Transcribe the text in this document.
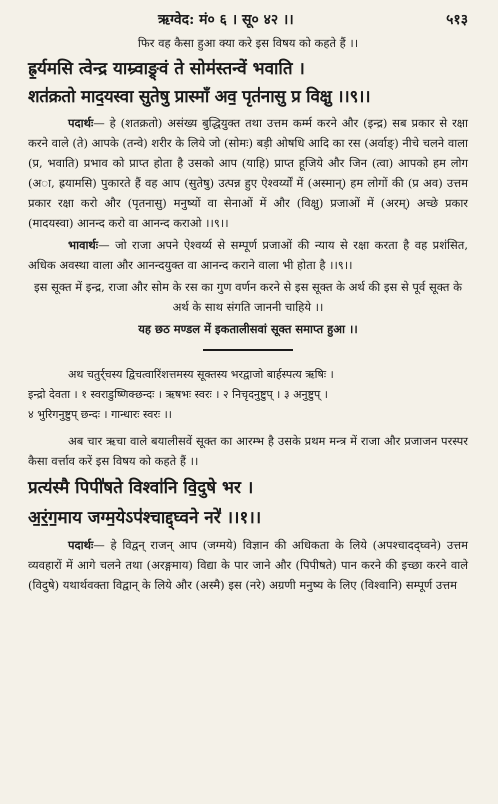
ऋग्वेद: मं० ६ । सू० ४२ ।।	५१३
फिर वह कैसा हुआ क्या करे इस विषय को कहते हैं ।।
ह्र॒र्यमसि त्वेन्द्र याम्र्वाङ्र्वं ते सोम॑स्तन्वें भवाति ।
शत॑क्रतो माद॒यस्वा सुतेषु प्रास्माँ अव॒ पृत॑नासु प्र विक्षु ।।९।।

पदार्थः— हे (शतक्रतो) असंख्य बुद्धियुक्त तथा उत्तम कर्म्म करने और (इन्द्र) सब प्रकार से रक्षा करने वाले (ते) आपके (तन्वे) शरीर के लिये जो (सोमः) बड़ी ओषधि आदि का रस (अर्वाङ्) नीचे चलने वाला (प्र, भवाति) प्रभाव को प्राप्त होता है उसको आप (याहि) प्राप्त हूजिये और जिन (त्वा) आपको हम लोग (अा, ह्रयामसि) पुकारते हैं वह आप (सुतेषु) उत्पन्न हुए ऐश्वर्य्यों में (अस्मान्) हम लोगों की (प्र अव) उत्तम प्रकार रक्षा करो और (पृतनासु) मनुष्यों वा सेनाओं में और (विक्षु) प्रजाओं में (अरम्) अच्छे प्रकार (मादयस्वा) आनन्द करो वा आनन्द कराओ ।।९।।

भावार्थः— जो राजा अपने ऐश्वर्य्य से सम्पूर्ण प्रजाओं की न्याय से रक्षा करता है वह प्रशंसित, अधिक अवस्था वाला और आनन्दयुक्त वा आनन्द कराने वाला भी होता है ।।९।।

इस सूक्त में इन्द्र, राजा और सोम के रस का गुण वर्णन करने से इस सूक्त के अर्थ की इस से पूर्व सूक्त के अर्थ के साथ संगति जाननी चाहिये ।।

यह छठ मण्डल में इकतालीसवां सूक्त समाप्त हुआ ।।

अथ चतुर्र्चस्य द्विचत्वारिंशत्तमस्य सूक्तस्य भरद्वाजो बार्हस्पत्य ऋषिः ।
इन्द्रो देवता । १ स्वराडुष्णिक्छन्दः । ऋषभः स्वरः । २ निचृदनुष्टुप् । ३ अनुष्टुप् ।
४ भुरिगनुष्टुप् छन्दः । गान्धारः स्वरः ।।

अब चार ऋचा वाले बयालीसवें सूक्त का आरम्भ है उसके प्रथम मन्त्र में राजा और प्रजाजन परस्पर कैसा वर्त्ताव करें इस विषय को कहते हैं ।।

प्रत्य॑स्मै पिपी॑षते विश्वा॑नि वि॒दुषे भर ।
अ॒रं॒ग॒माय जग्म॒येऽप॑श्चाद्द्घ्वने नरे॑ ।।१।।

पदार्थः— हे विद्वन् राजन् आप (जग्मये) विज्ञान की अधिकता के लिये (अपश्चादद्घ्वने) उत्तम व्यवहारों में आगे चलने तथा (अरङ्गमाय) विद्या के पार जाने और (पिपीषते) पान करने की इच्छा करने वाले (विदुषे) यथार्थवक्ता विद्वान् के लिये और (अस्मै) इस (नरे) अग्रणी मनुष्य के लिए (विश्वानि) सम्पूर्ण उत्तम
